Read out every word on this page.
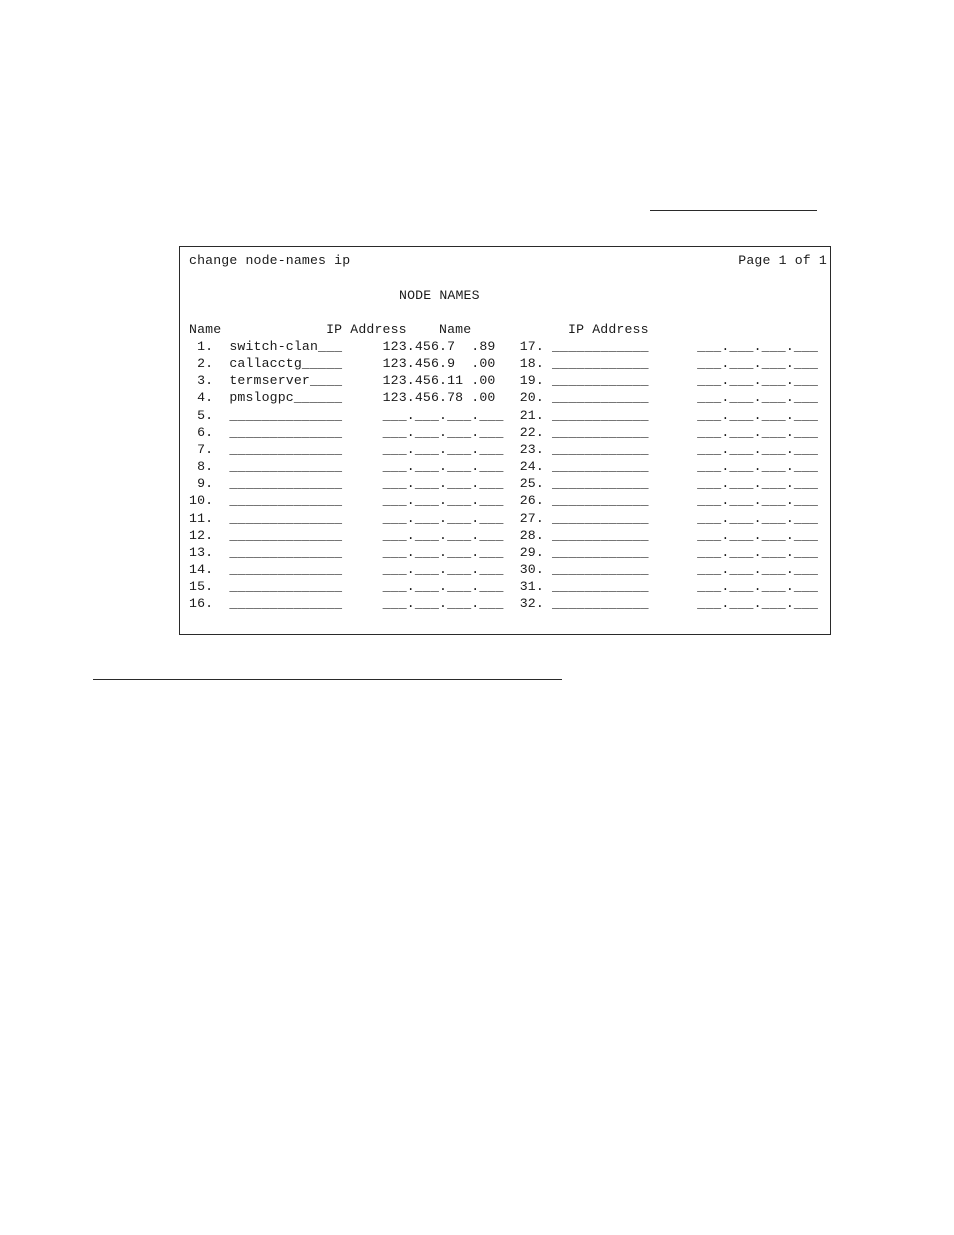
change node-names ip	Page 1 of 1
NODE NAMES
Name	IP Address Name	IP Address
1. switch-clan___	123.456.7  .89   17. ____________	___.___.___.___
2. callacctg_____	123.456.9  .00   18. ____________	___.___.___.___
3. termserver____	123.456.11 .00   19. ____________	___.___.___.___
4. pmslogpc______	123.456.78 .00   20. ____________	___.___.___.___
5. ______________	___.___.___.___ 21. ____________	___.___.___.___
6. ______________	___.___.___.___ 22. ____________	___.___.___.___
7. ______________	___.___.___.___ 23. ____________	___.___.___.___
8. ______________	___.___.___.___ 24. ____________	___.___.___.___
9. ______________	___.___.___.___ 25. ____________	___.___.___.___
10. ______________	___.___.___.___ 26. ____________	___.___.___.___
11. ______________	___.___.___.___ 27. ____________	___.___.___.___
12. ______________	___.___.___.___ 28. ____________	___.___.___.___
13. ______________	___.___.___.___ 29. ____________	___.___.___.___
14. ______________	___.___.___.___ 30. ____________	___.___.___.___
15. ______________	___.___.___.___ 31. ____________	___.___.___.___
16. ______________	___.___.___.___ 32. ____________	___.___.___.___
